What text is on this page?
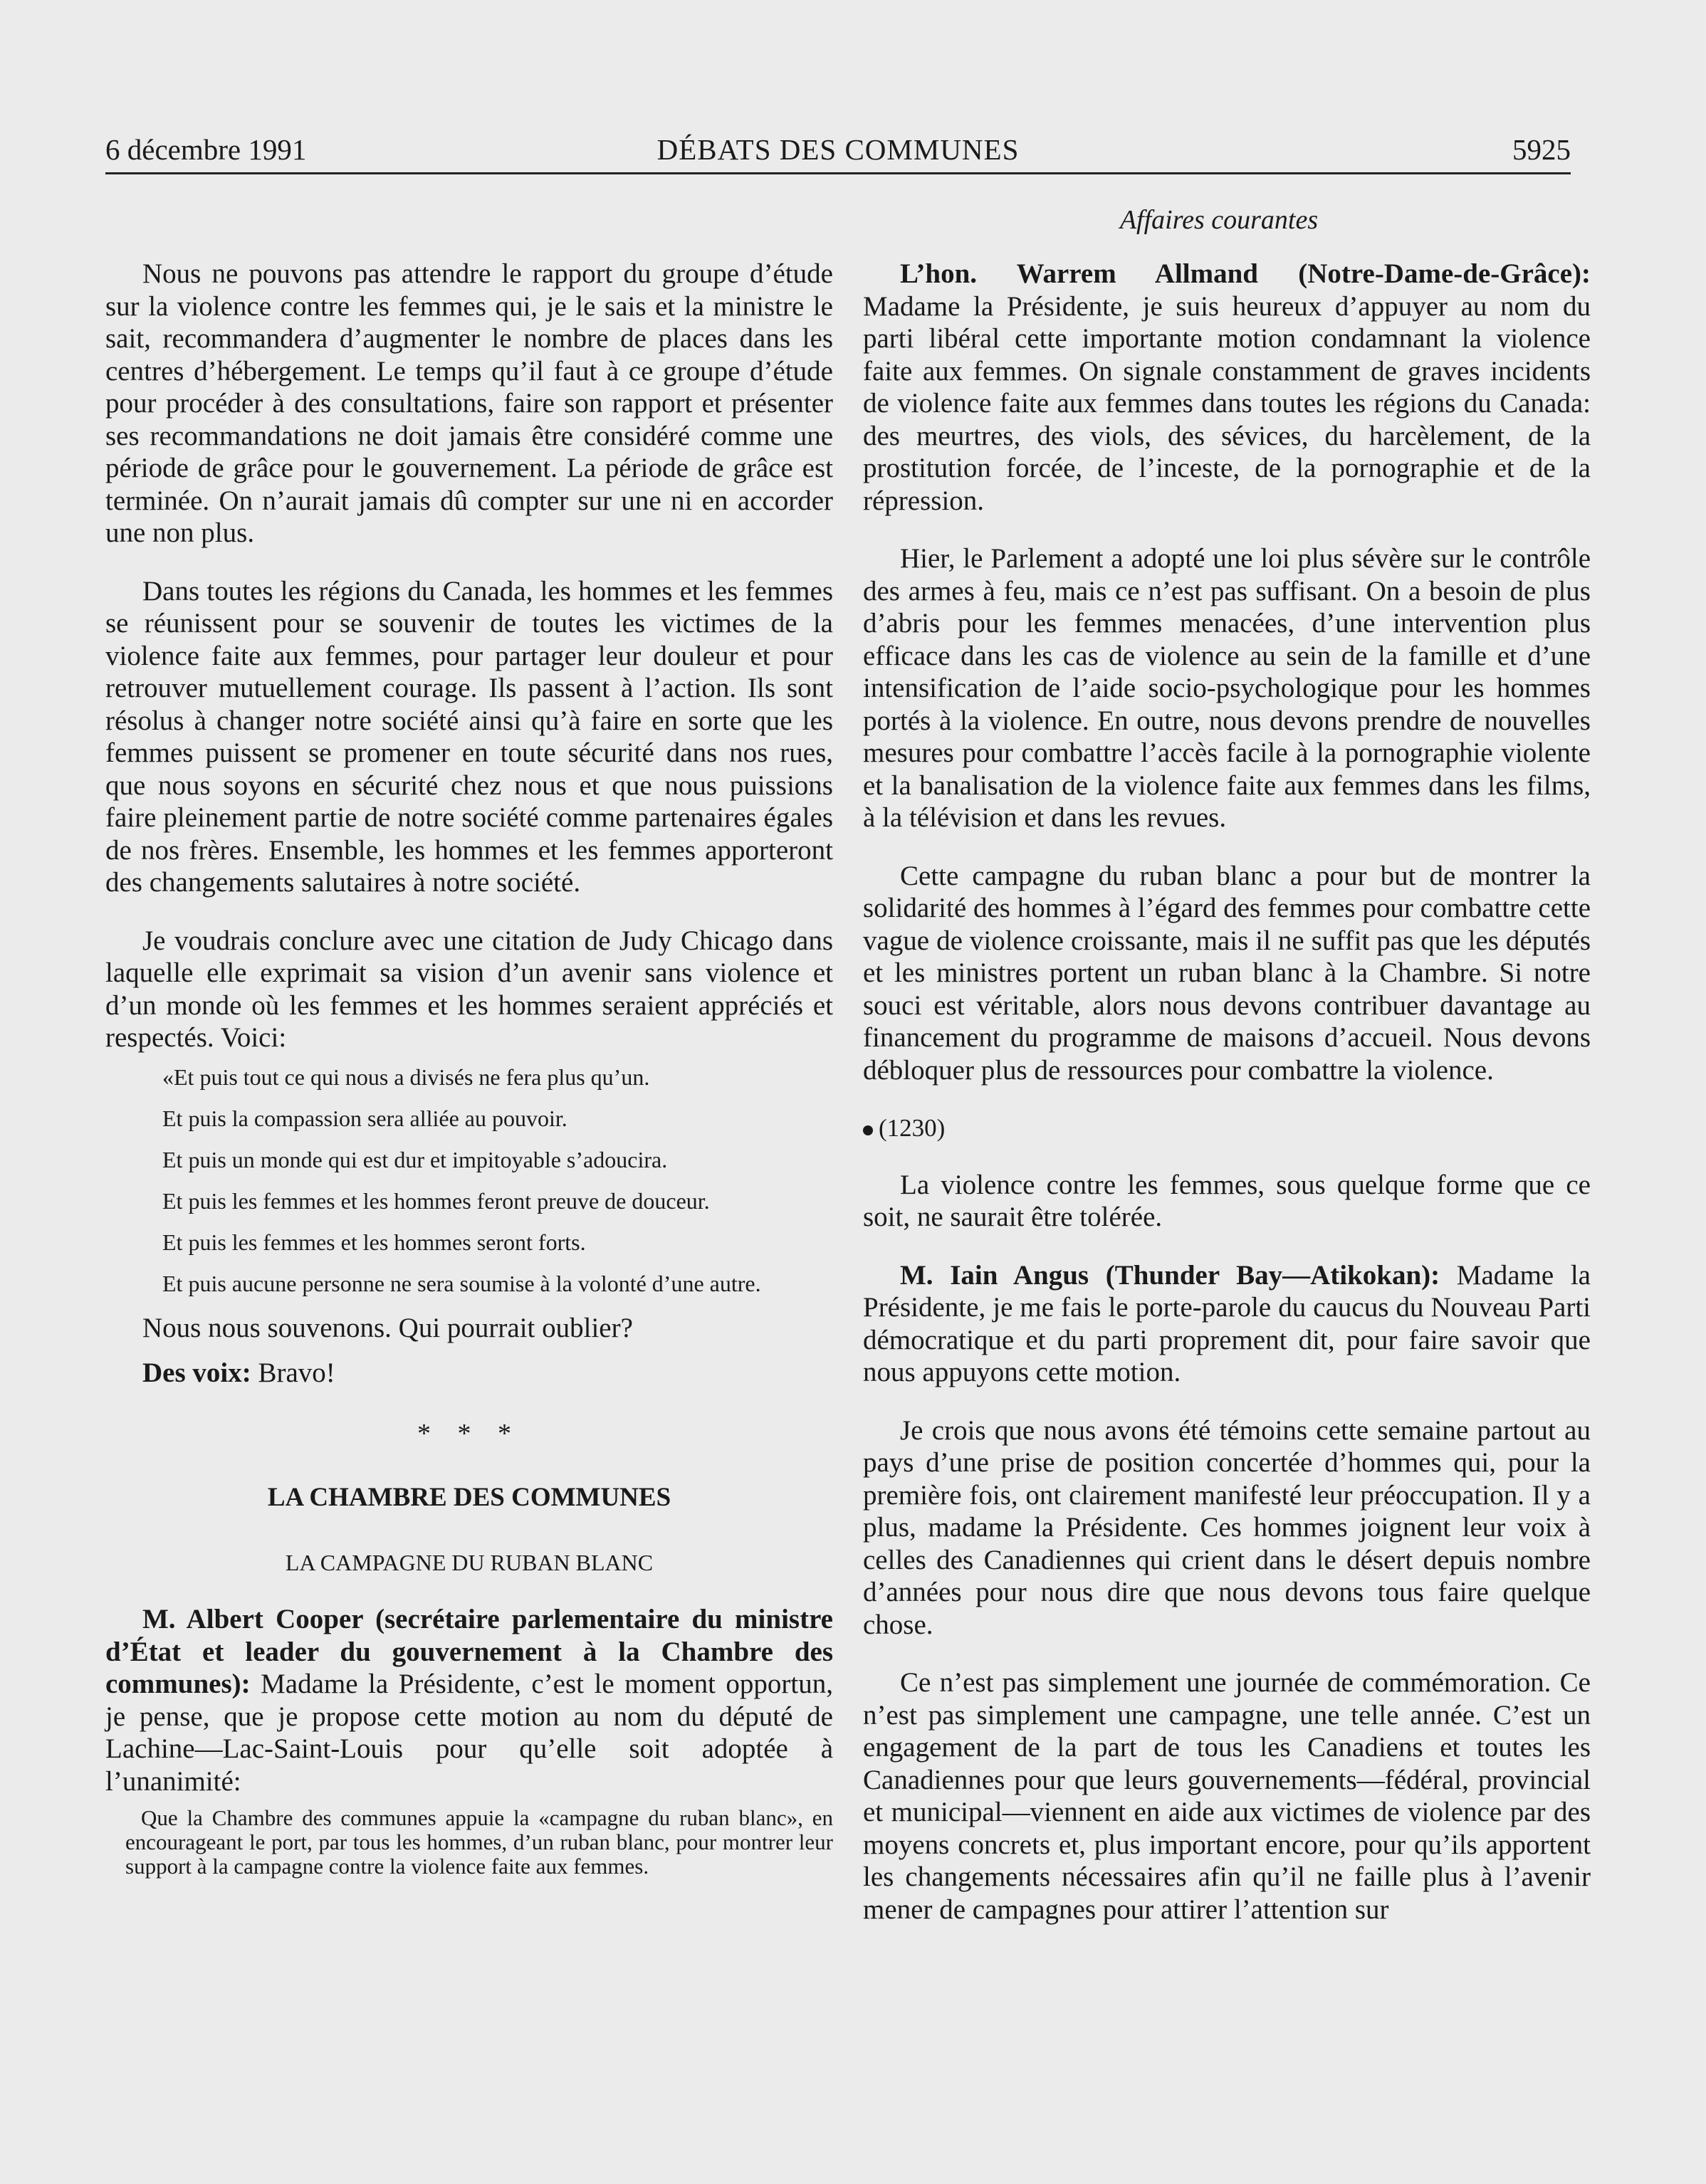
6 décembre 1991	DÉBATS DES COMMUNES	5925
Affaires courantes

Nous ne pouvons pas attendre le rapport du groupe d’étude sur la violence contre les femmes qui, je le sais et la ministre le sait, recommandera d’augmenter le nombre de places dans les centres d’hébergement. Le temps qu’il faut à ce groupe d’étude pour procéder à des consultations, faire son rapport et présenter ses recommandations ne doit jamais être considéré comme une période de grâce pour le gouvernement. La période de grâce est terminée. On n’aurait jamais dû compter sur une ni en accorder une non plus.

Dans toutes les régions du Canada, les hommes et les femmes se réunissent pour se souvenir de toutes les victimes de la violence faite aux femmes, pour partager leur douleur et pour retrouver mutuellement courage. Ils passent à l’action. Ils sont résolus à changer notre société ainsi qu’à faire en sorte que les femmes puissent se promener en toute sécurité dans nos rues, que nous soyons en sécurité chez nous et que nous puissions faire pleinement partie de notre société comme partenaires égales de nos frères. Ensemble, les hommes et les femmes apporteront des changements salutaires à notre société.

Je voudrais conclure avec une citation de Judy Chicago dans laquelle elle exprimait sa vision d’un avenir sans violence et d’un monde où les femmes et les hommes seraient appréciés et respectés. Voici:

«Et puis tout ce qui nous a divisés ne fera plus qu’un.
Et puis la compassion sera alliée au pouvoir.
Et puis un monde qui est dur et impitoyable s’adoucira.
Et puis les femmes et les hommes feront preuve de douceur.
Et puis les femmes et les hommes seront forts.
Et puis aucune personne ne sera soumise à la volonté d’une autre.

Nous nous souvenons. Qui pourrait oublier?

Des voix: Bravo!

* * *
LA CHAMBRE DES COMMUNES
LA CAMPAGNE DU RUBAN BLANC

M. Albert Cooper (secrétaire parlementaire du ministre d’État et leader du gouvernement à la Chambre des communes): Madame la Présidente, c’est le moment opportun, je pense, que je propose cette motion au nom du député de Lachine—Lac-Saint-Louis pour qu’elle soit adoptée à l’unanimité:

Que la Chambre des communes appuie la «campagne du ruban blanc», en encourageant le port, par tous les hommes, d’un ruban blanc, pour montrer leur support à la campagne contre la violence faite aux femmes.

L’hon. Warrem Allmand (Notre-Dame-de-Grâce): Madame la Présidente, je suis heureux d’appuyer au nom du parti libéral cette importante motion condamnant la violence faite aux femmes. On signale constamment de graves incidents de violence faite aux femmes dans toutes les régions du Canada: des meurtres, des viols, des sévices, du harcèlement, de la prostitution forcée, de l’inceste, de la pornographie et de la répression.

Hier, le Parlement a adopté une loi plus sévère sur le contrôle des armes à feu, mais ce n’est pas suffisant. On a besoin de plus d’abris pour les femmes menacées, d’une intervention plus efficace dans les cas de violence au sein de la famille et d’une intensification de l’aide socio-psychologique pour les hommes portés à la violence. En outre, nous devons prendre de nouvelles mesures pour combattre l’accès facile à la pornographie violente et la banalisation de la violence faite aux femmes dans les films, à la télévision et dans les revues.

Cette campagne du ruban blanc a pour but de montrer la solidarité des hommes à l’égard des femmes pour combattre cette vague de violence croissante, mais il ne suffit pas que les députés et les ministres portent un ruban blanc à la Chambre. Si notre souci est véritable, alors nous devons contribuer davantage au financement du programme de maisons d’accueil. Nous devons débloquer plus de ressources pour combattre la violence.

(1230)

La violence contre les femmes, sous quelque forme que ce soit, ne saurait être tolérée.

M. Iain Angus (Thunder Bay—Atikokan): Madame la Présidente, je me fais le porte-parole du caucus du Nouveau Parti démocratique et du parti proprement dit, pour faire savoir que nous appuyons cette motion.

Je crois que nous avons été témoins cette semaine partout au pays d’une prise de position concertée d’hommes qui, pour la première fois, ont clairement manifesté leur préoccupation. Il y a plus, madame la Présidente. Ces hommes joignent leur voix à celles des Canadiennes qui crient dans le désert depuis nombre d’années pour nous dire que nous devons tous faire quelque chose.

Ce n’est pas simplement une journée de commémoration. Ce n’est pas simplement une campagne, une telle année. C’est un engagement de la part de tous les Canadiens et toutes les Canadiennes pour que leurs gouvernements—fédéral, provincial et municipal—viennent en aide aux victimes de violence par des moyens concrets et, plus important encore, pour qu’ils apportent les changements nécessaires afin qu’il ne faille plus à l’avenir mener de campagnes pour attirer l’attention sur
